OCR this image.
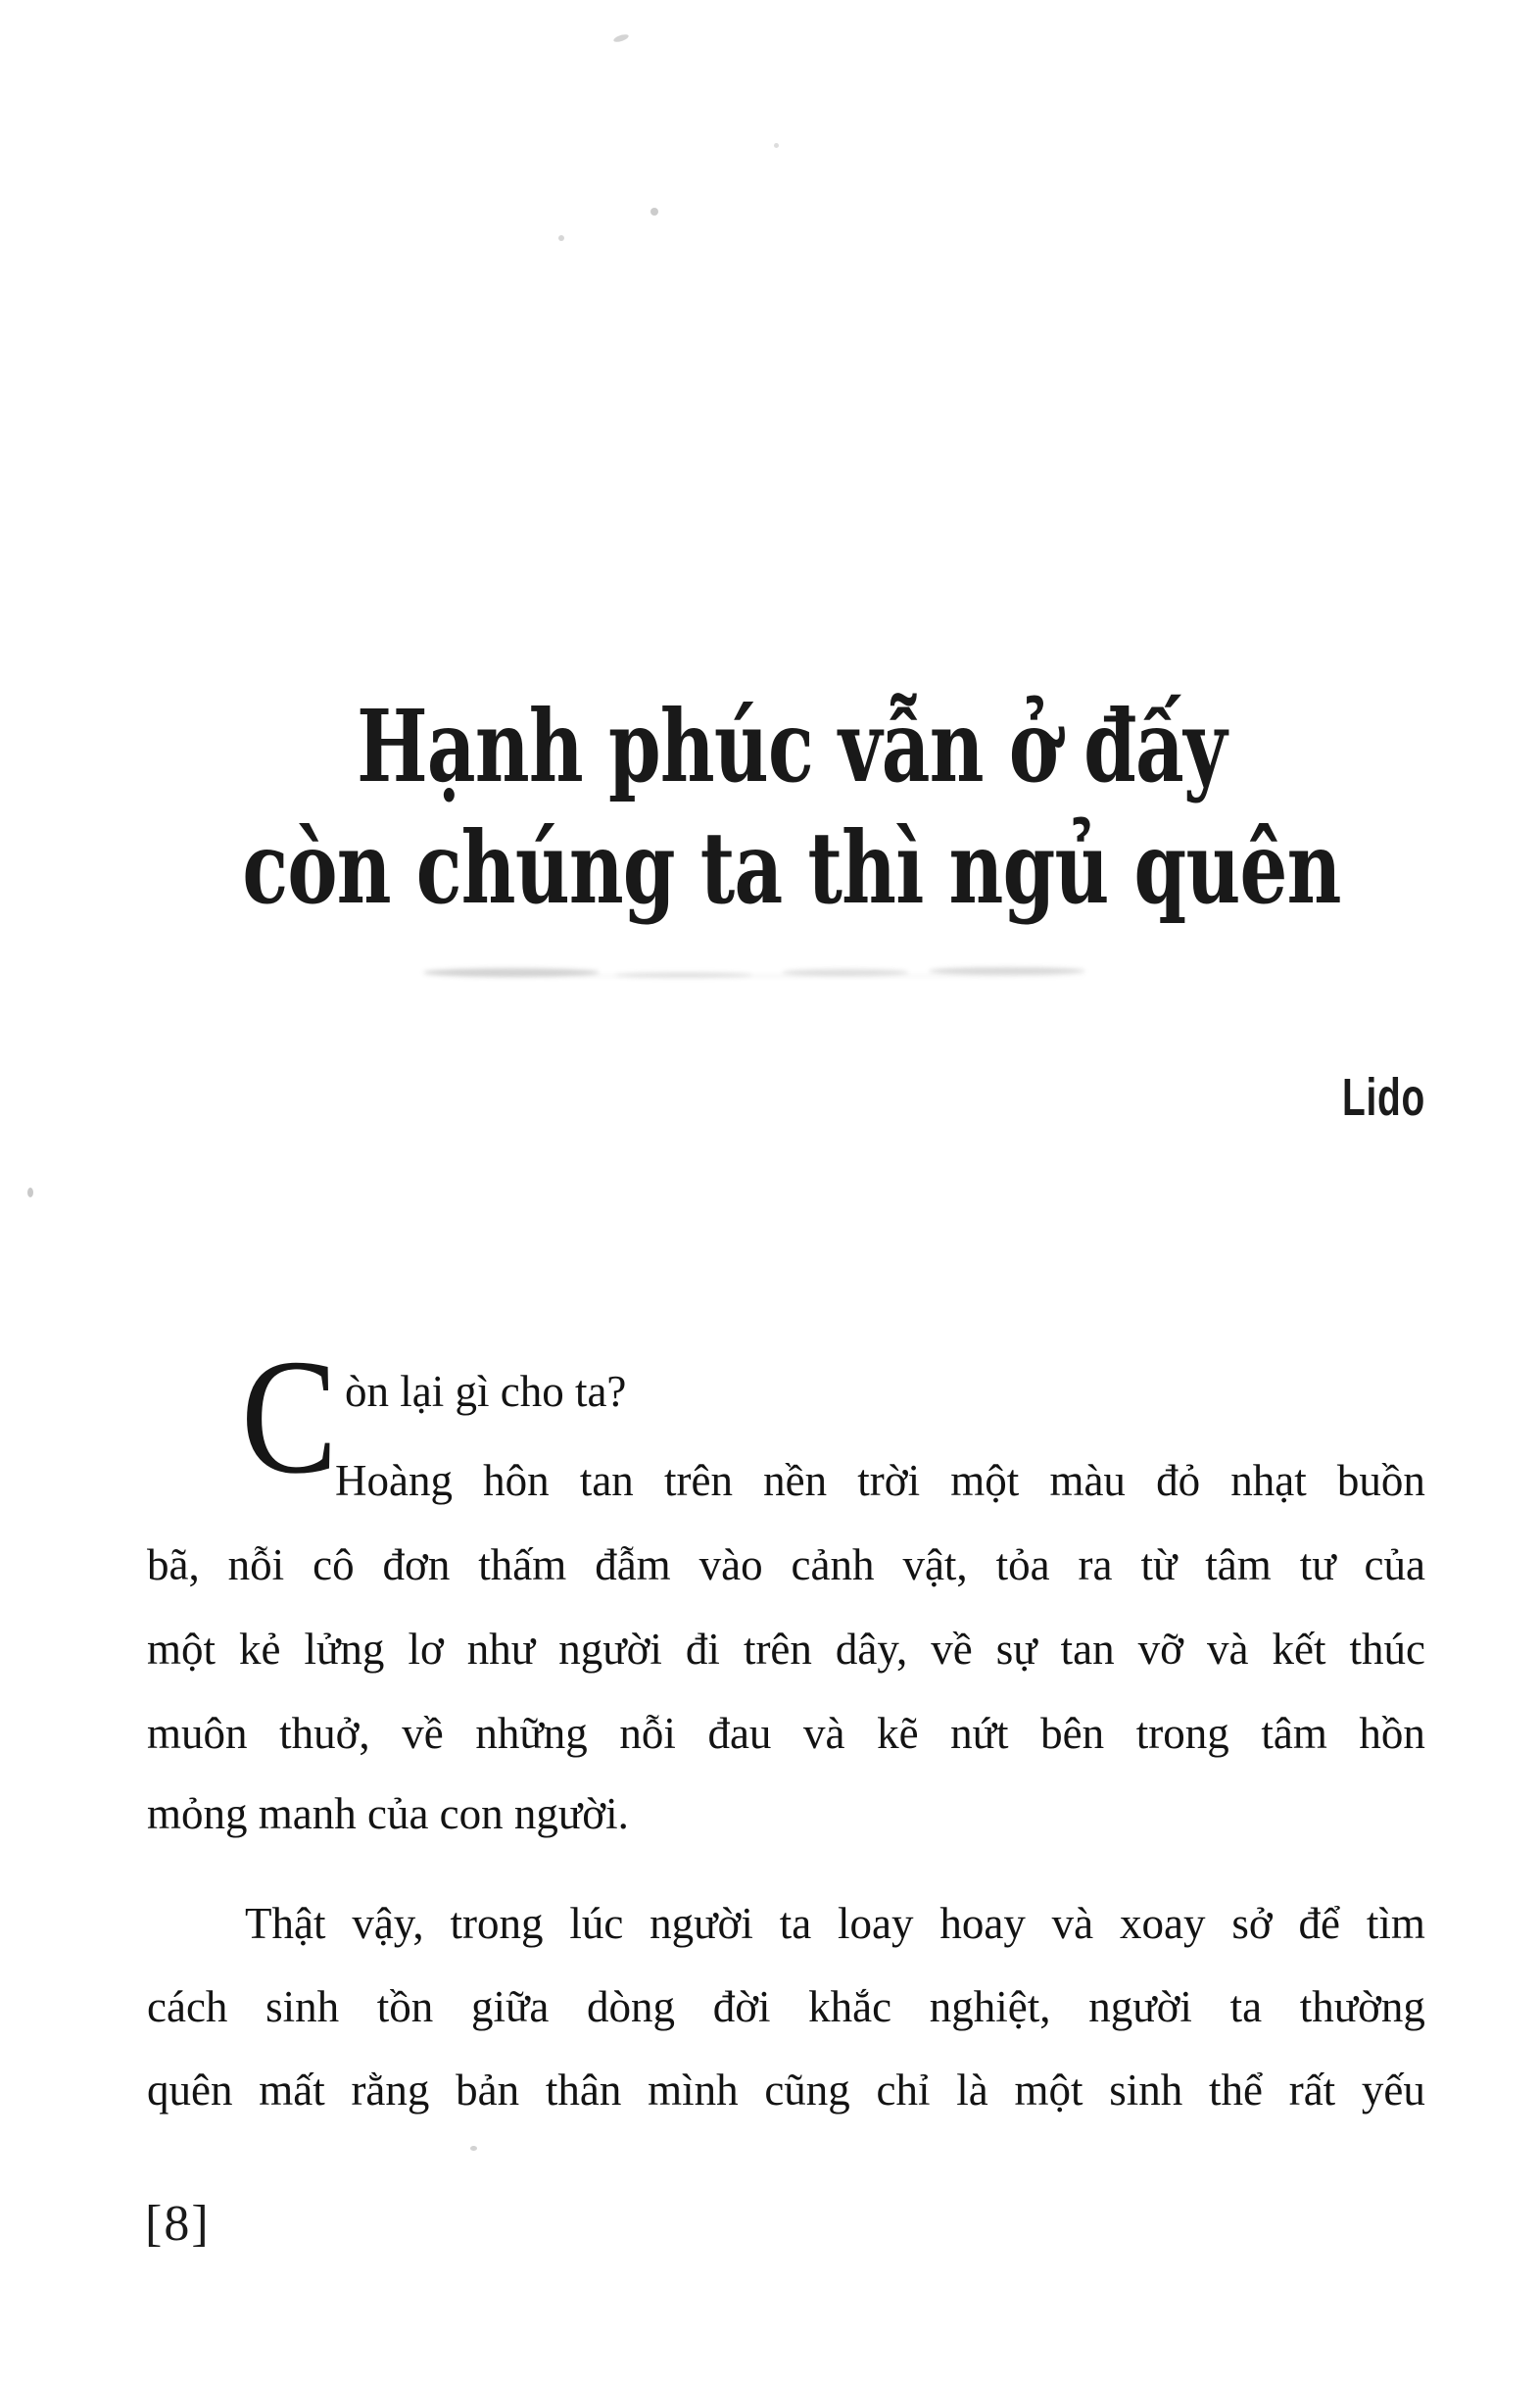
Hạnh phúc vẫn ở đấy
còn chúng ta thì ngủ quên
Lido
C òn lại gì cho ta?
Hoàng hôn tan trên nền trời một màu đỏ nhạt buồn
bã, nỗi cô đơn thấm đẫm vào cảnh vật, tỏa ra từ tâm tư của
một kẻ lửng lơ như người đi trên dây, về sự tan vỡ và kết thúc
muôn thuở, về những nỗi đau và kẽ nứt bên trong tâm hồn
mỏng manh của con người.
Thật vậy, trong lúc người ta loay hoay và xoay sở để tìm
cách sinh tồn giữa dòng đời khắc nghiệt, người ta thường
quên mất rằng bản thân mình cũng chỉ là một sinh thể rất yếu
[8]
